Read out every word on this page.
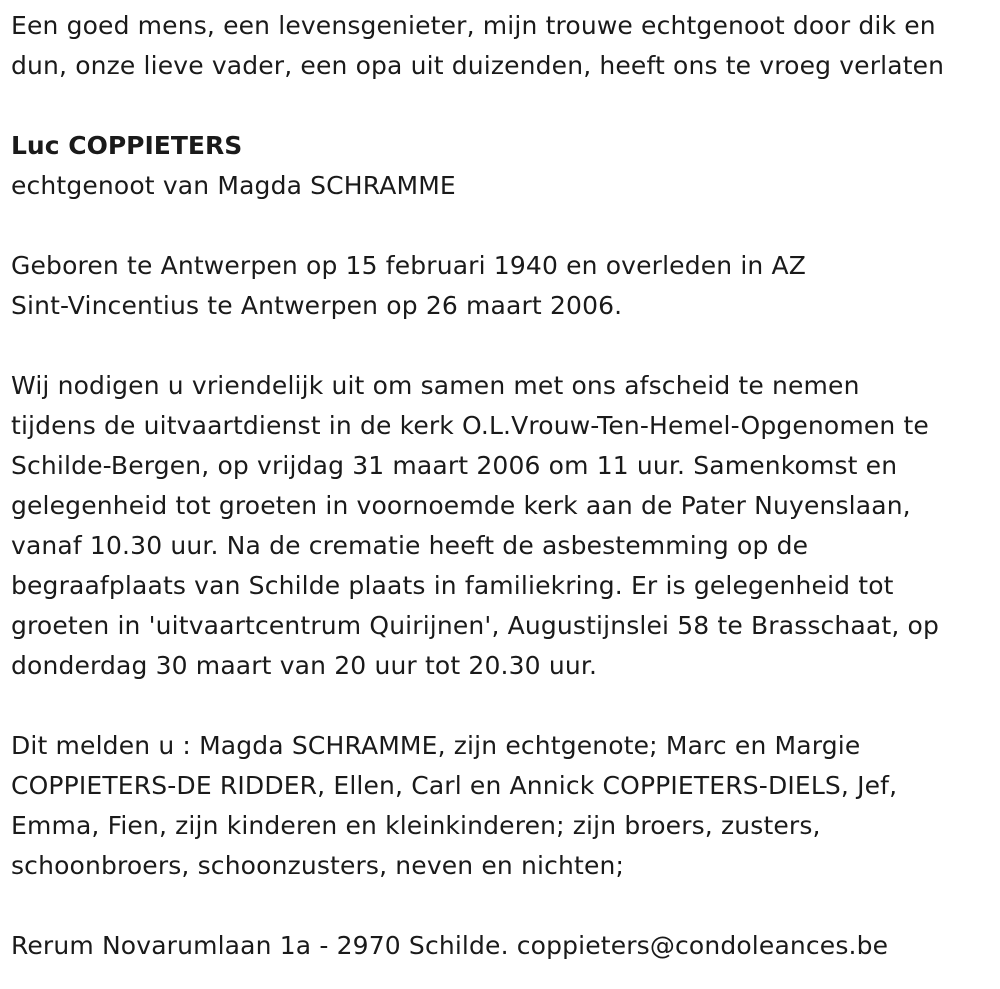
Een goed mens, een levensgenieter, mijn trouwe echtgenoot door dik en
dun, onze lieve vader, een opa uit duizenden, heeft ons te vroeg verlaten

Luc COPPIETERS
echtgenoot van Magda SCHRAMME

Geboren te Antwerpen op 15 februari 1940 en overleden in AZ
Sint-Vincentius te Antwerpen op 26 maart 2006.

Wij nodigen u vriendelijk uit om samen met ons afscheid te nemen
tijdens de uitvaartdienst in de kerk O.L.Vrouw-Ten-Hemel-Opgenomen te
Schilde-Bergen, op vrijdag 31 maart 2006 om 11 uur. Samenkomst en
gelegenheid tot groeten in voornoemde kerk aan de Pater Nuyenslaan,
vanaf 10.30 uur. Na de crematie heeft de asbestemming op de
begraafplaats van Schilde plaats in familiekring. Er is gelegenheid tot
groeten in 'uitvaartcentrum Quirijnen', Augustijnslei 58 te Brasschaat, op
donderdag 30 maart van 20 uur tot 20.30 uur.

Dit melden u : Magda SCHRAMME, zijn echtgenote; Marc en Margie
COPPIETERS-DE RIDDER, Ellen, Carl en Annick COPPIETERS-DIELS, Jef,
Emma, Fien, zijn kinderen en kleinkinderen; zijn broers, zusters,
schoonbroers, schoonzusters, neven en nichten;

Rerum Novarumlaan 1a - 2970 Schilde. coppieters@condoleances.be
